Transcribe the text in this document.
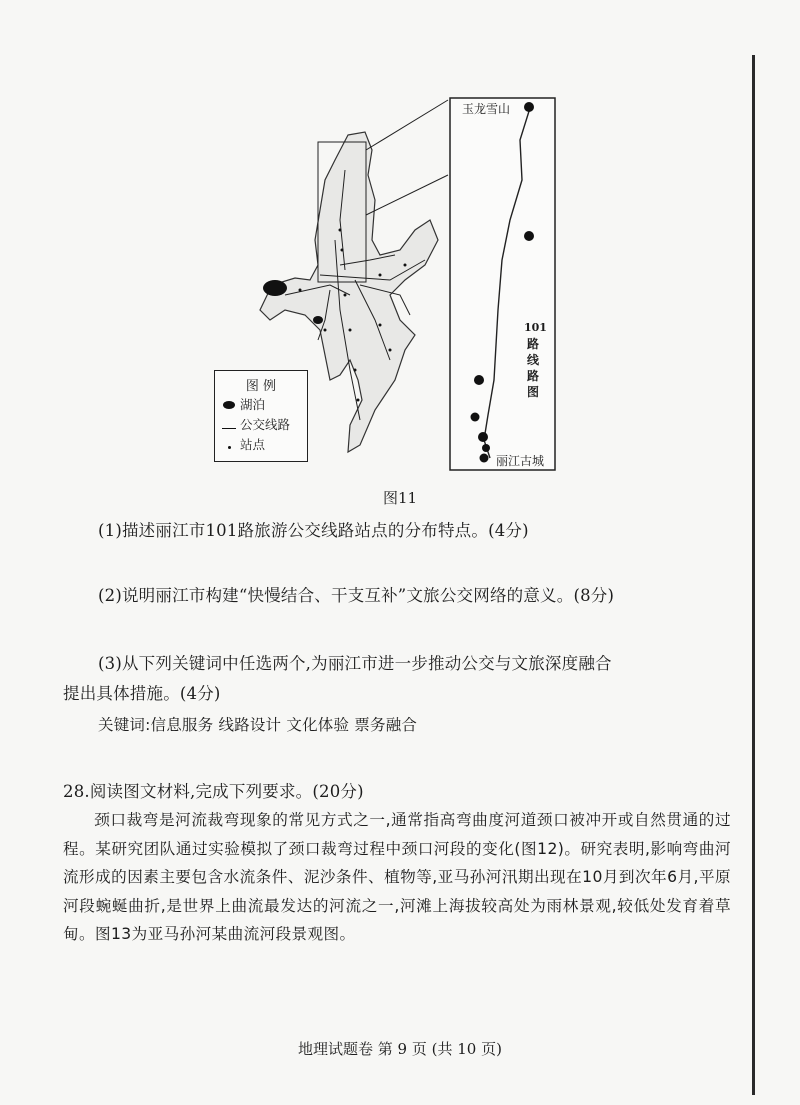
图 例
湖泊
公交线路
站点
玉龙雪山
丽江古城
101
路
线
路
图
图11
(1)描述丽江市101路旅游公交线路站点的分布特点。(4分)
(2)说明丽江市构建“快慢结合、干支互补”文旅公交网络的意义。(8分)
(3)从下列关键词中任选两个,为丽江市进一步推动公交与文旅深度融合
提出具体措施。(4分)
关键词:信息服务 线路设计 文化体验 票务融合
28.阅读图文材料,完成下列要求。(20分)
颈口裁弯是河流裁弯现象的常见方式之一,通常指高弯曲度河道颈口被冲开或自然贯通的过程。某研究团队通过实验模拟了颈口裁弯过程中颈口河段的变化(图12)。研究表明,影响弯曲河流形成的因素主要包含水流条件、泥沙条件、植物等,亚马孙河汛期出现在10月到次年6月,平原河段蜿蜒曲折,是世界上曲流最发达的河流之一,河滩上海拔较高处为雨林景观,较低处发育着草甸。图13为亚马孙河某曲流河段景观图。
地理试题卷 第 9 页 (共 10 页)
